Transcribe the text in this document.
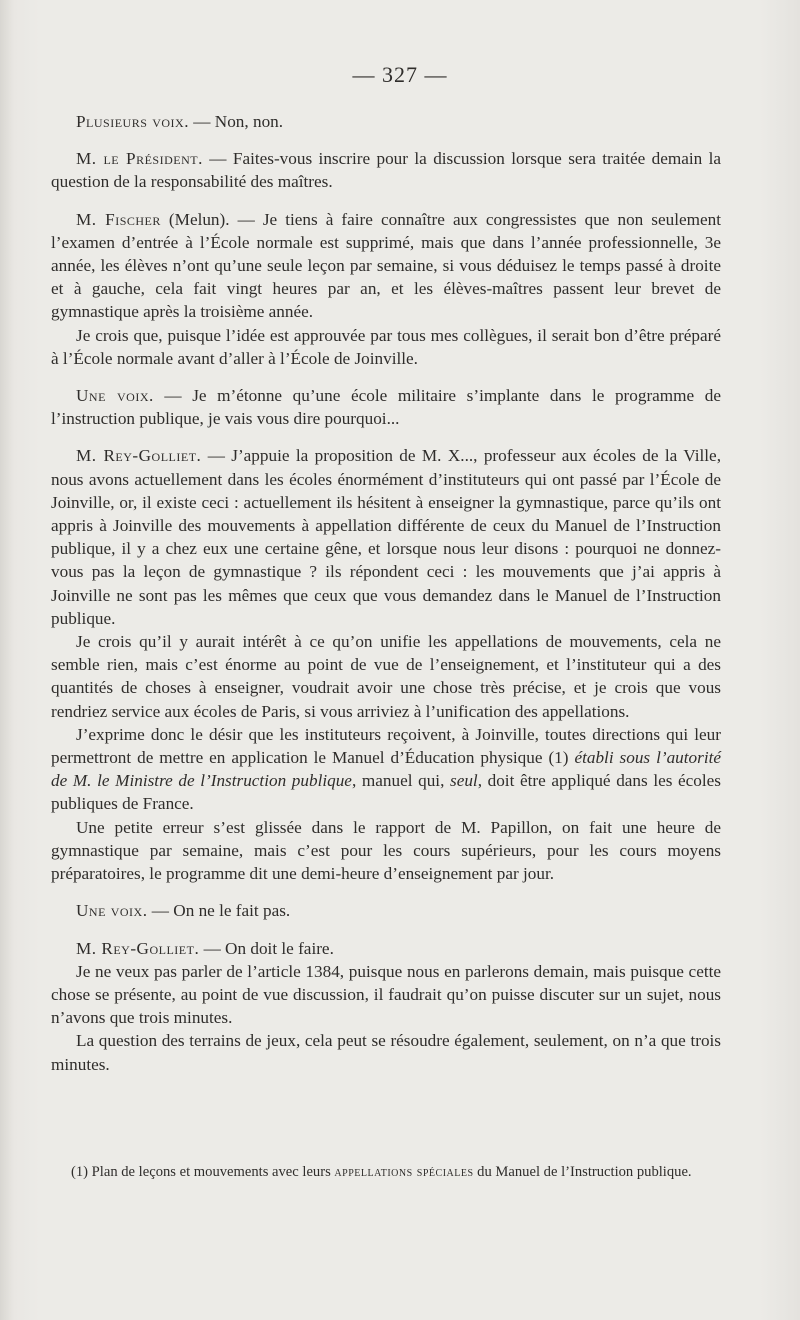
— 327 —

Plusieurs voix. — Non, non.

M. le Président. — Faites-vous inscrire pour la discussion lorsque sera traitée demain la question de la responsabilité des maîtres.

M. Fischer (Melun). — Je tiens à faire connaître aux congressistes que non seulement l’examen d’entrée à l’École normale est supprimé, mais que dans l’année professionnelle, 3e année, les élèves n’ont qu’une seule leçon par semaine, si vous déduisez le temps passé à droite et à gauche, cela fait vingt heures par an, et les élèves-maîtres passent leur brevet de gymnastique après la troisième année.

Je crois que, puisque l’idée est approuvée par tous mes collègues, il serait bon d’être préparé à l’École normale avant d’aller à l’École de Joinville.

Une voix. — Je m’étonne qu’une école militaire s’implante dans le programme de l’instruction publique, je vais vous dire pourquoi...

M. Rey-Golliet. — J’appuie la proposition de M. X..., professeur aux écoles de la Ville, nous avons actuellement dans les écoles énormément d’instituteurs qui ont passé par l’École de Joinville, or, il existe ceci : actuellement ils hésitent à enseigner la gymnastique, parce qu’ils ont appris à Joinville des mouvements à appellation différente de ceux du Manuel de l’Instruction publique, il y a chez eux une certaine gêne, et lorsque nous leur disons : pourquoi ne donnez-vous pas la leçon de gymnastique ? ils répondent ceci : les mouvements que j’ai appris à Joinville ne sont pas les mêmes que ceux que vous demandez dans le Manuel de l’Instruction publique.

Je crois qu’il y aurait intérêt à ce qu’on unifie les appellations de mouvements, cela ne semble rien, mais c’est énorme au point de vue de l’enseignement, et l’instituteur qui a des quantités de choses à enseigner, voudrait avoir une chose très précise, et je crois que vous rendriez service aux écoles de Paris, si vous arriviez à l’unification des appellations.

J’exprime donc le désir que les instituteurs reçoivent, à Joinville, toutes directions qui leur permettront de mettre en application le Manuel d’Éducation physique (1) établi sous l’autorité de M. le Ministre de l’Instruction publique, manuel qui, seul, doit être appliqué dans les écoles publiques de France.

Une petite erreur s’est glissée dans le rapport de M. Papillon, on fait une heure de gymnastique par semaine, mais c’est pour les cours supérieurs, pour les cours moyens préparatoires, le programme dit une demi-heure d’enseignement par jour.

Une voix. — On ne le fait pas.

M. Rey-Golliet. — On doit le faire.

Je ne veux pas parler de l’article 1384, puisque nous en parlerons demain, mais puisque cette chose se présente, au point de vue discussion, il faudrait qu’on puisse discuter sur un sujet, nous n’avons que trois minutes.

La question des terrains de jeux, cela peut se résoudre également, seulement, on n’a que trois minutes.

(1) Plan de leçons et mouvements avec leurs appellations spéciales du Manuel de l’Instruction publique.
